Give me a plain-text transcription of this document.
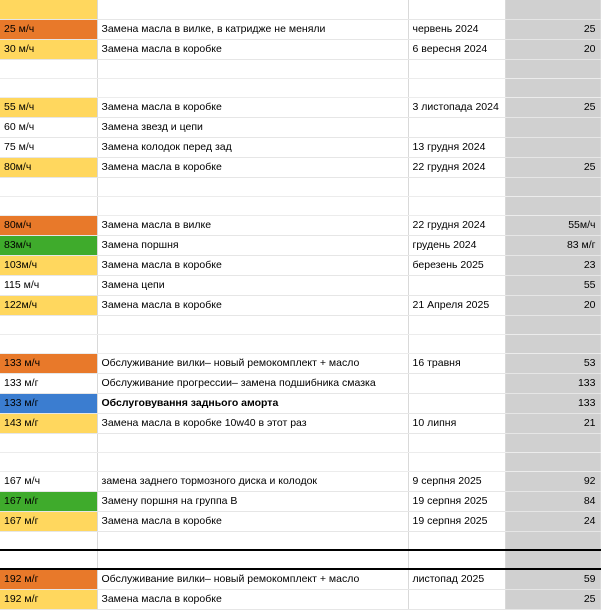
25 м/ч	Замена масла в вилке, в катридже не меняли	червень 2024	25
30 м/ч	Замена масла в коробке	6 вересня 2024	20

55 м/ч	Замена масла в коробке	3 листопада 2024	25
60 м/ч	Замена звезд и цепи		
75 м/ч	Замена колодок перед зад	13 грудня 2024	
80м/ч	Замена масла в коробке	22 грудня 2024	25

80м/ч	Замена масла в вилке	22 грудня 2024	55м/ч
83м/ч	Замена поршня	грудень 2024	83 м/г
103м/ч	Замена масла в коробке	березень 2025	23
115 м/ч	Замена цепи		55
122м/ч	Замена масла в коробке	21 Апреля 2025	20

133 м/ч	Обслуживание вилки– новый ремокомплект + масло	16 травня	53
133 м/г	Обслуживание прогрессии– замена подшибника смазка		133
133 м/г	Обслуговування заднього аморта		133
143 м/г	Замена масла в коробке 10w40 в этот раз	10 липня	21

167 м/ч	замена заднего тормозного диска и колодок	9 серпня 2025	92
167 м/г	Замену поршня на группа В	19 серпня 2025	84
167 м/г	Замена масла в коробке	19 серпня 2025	24

192 м/г	Обслуживание вилки– новый ремокомплект + масло	листопад 2025	59
192 м/г	Замена масла в коробке		25
